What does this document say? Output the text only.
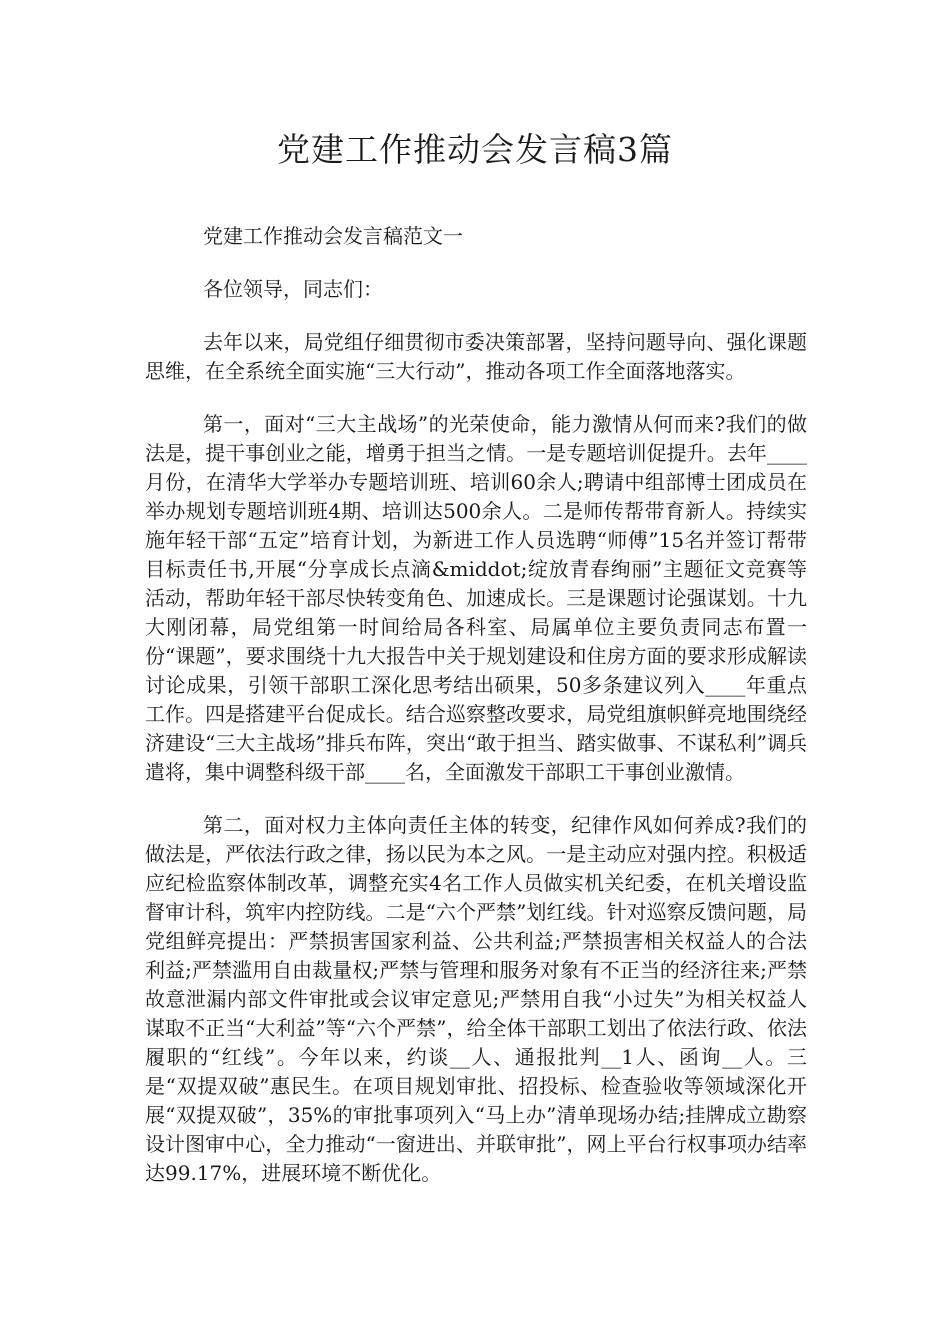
党建工作推动会发言稿3篇

党建工作推动会发言稿范文一

各位领导，同志们：

去年以来，局党组仔细贯彻市委决策部署，坚持问题导向、强化课题思维，在全系统全面实施“三大行动”，推动各项工作全面落地落实。

第一，面对“三大主战场”的光荣使命，能力激情从何而来?我们的做法是，提干事创业之能，增勇于担当之情。一是专题培训促提升。去年____月份，在清华大学举办专题培训班、培训60余人;聘请中组部博士团成员在举办规划专题培训班4期、培训达500余人。二是师传帮带育新人。持续实施年轻干部“五定”培育计划，为新进工作人员选聘“师傅”15名并签订帮带目标责任书,开展“分享成长点滴&middot;绽放青春绚丽”主题征文竞赛等活动，帮助年轻干部尽快转变角色、加速成长。三是课题讨论强谋划。十九大刚闭幕，局党组第一时间给局各科室、局属单位主要负责同志布置一份“课题”，要求围绕十九大报告中关于规划建设和住房方面的要求形成解读讨论成果，引领干部职工深化思考结出硕果，50多条建议列入____年重点工作。四是搭建平台促成长。结合巡察整改要求，局党组旗帜鲜亮地围绕经济建设“三大主战场”排兵布阵，突出“敢于担当、踏实做事、不谋私利”调兵遣将，集中调整科级干部____名，全面激发干部职工干事创业激情。

第二，面对权力主体向责任主体的转变，纪律作风如何养成?我们的做法是，严依法行政之律，扬以民为本之风。一是主动应对强内控。积极适应纪检监察体制改革，调整充实4名工作人员做实机关纪委，在机关增设监督审计科，筑牢内控防线。二是“六个严禁”划红线。针对巡察反馈问题，局党组鲜亮提出：严禁损害国家利益、公共利益;严禁损害相关权益人的合法利益;严禁滥用自由裁量权;严禁与管理和服务对象有不正当的经济往来;严禁故意泄漏内部文件审批或会议审定意见;严禁用自我“小过失”为相关权益人谋取不正当“大利益”等“六个严禁”，给全体干部职工划出了依法行政、依法履职的“红线”。今年以来，约谈__人、通报批判__1人、函询__人。三是“双提双破”惠民生。在项目规划审批、招投标、检查验收等领域深化开展“双提双破”，35%的审批事项列入“马上办”清单现场办结;挂牌成立勘察设计图审中心，全力推动“一窗进出、并联审批”，网上平台行权事项办结率达99.17%，进展环境不断优化。
